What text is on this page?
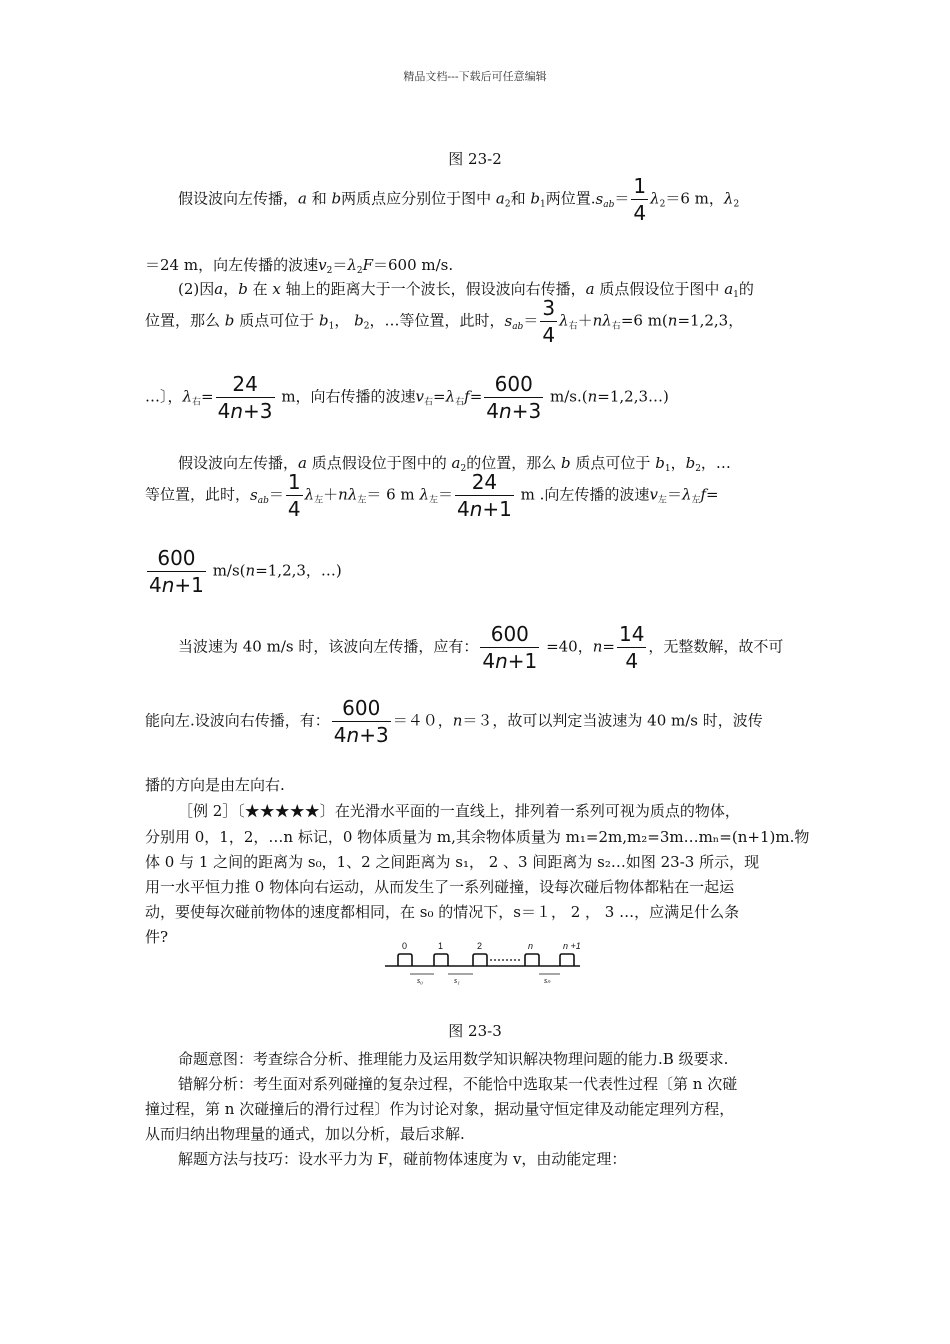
精品文档---下载后可任意编辑
图 23-2
假设波向左传播，a 和 b两质点应分别位于图中 $a_2$和 $b_1$两位置$.s_{ab}= \frac{1}{4} \lambda_2=6$ m，$\lambda_2$
＝24 m，向左传播的波速$v_2=\lambda_2F=600$ m/s.
(2)因a，b 在 x 轴上的距离大于一个波长，假设波向右传播，a 质点假设位于图中 $a_1$的
位置，那么 b 质点可位于 $b_1$， $b_2$，…等位置，此时，$s_{ab}= \frac{3}{4} \lambda_右+n\lambda_右=6$ m(n=1,2,3，
…〕，$\lambda_右= \frac{24}{4n+3}$ m，向右传播的波速$v_右=\lambda_右f= \frac{600}{4n+3}$ m/s.(n=1,2,3…)
假设波向左传播，a 质点假设位于图中的 $a_2$的位置，那么 b 质点可位于 $b_1$，$b_2$，…
等位置，此时，$s_{ab}= \frac{1}{4} \lambda_左+n\lambda_左= 6$ m $\lambda_左= \frac{24}{4n+1}$ m .向左传播的波速$v_左=\lambda_左f=$
$\frac{600}{4n+1} m/s(n=1,2,3$，…)
当波速为 40 m/s 时，该波向左传播，应有： $\frac{600}{4n+1} =40$，$n= \frac{14}{4}$ ，无整数解，故不可
能向左.设波向右传播，有： $\frac{600}{4n+3} =40$，n＝３，故可以判定当波速为 40 m/s 时，波传
播的方向是由左向右.
［例 2］〔★★★★★〕在光滑水平面的一直线上，排列着一系列可视为质点的物体，
分别用 0，1，2，…n 标记，0 物体质量为 m,其余物体质量为 m₁=2m,m₂=3m…mₙ=(n+1)m.物
体 0 与 1 之间的距离为 s₀，1、2 之间距离为 s₁， 2 、3 间距离为 s₂…如图 23-3 所示，现
用一水平恒力推 0 物体向右运动，从而发生了一系列碰撞，设每次碰后物体都粘在一起运
动，要使每次碰前物体的速度都相同，在 s₀ 的情况下，s＝１， 2 ， 3 …，应满足什么条
件?	0	1	2	n	n +1
s₀	s₁	sₙ
图 23-3
命题意图：考查综合分析、推理能力及运用数学知识解决物理问题的能力.B 级要求.
错解分析：考生面对系列碰撞的复杂过程，不能恰中选取某一代表性过程〔第 n 次碰
撞过程，第 n 次碰撞后的滑行过程〕作为讨论对象，据动量守恒定律及动能定理列方程，
从而归纳出物理量的通式，加以分析，最后求解.
解题方法与技巧：设水平力为 F，碰前物体速度为 v，由动能定理：
